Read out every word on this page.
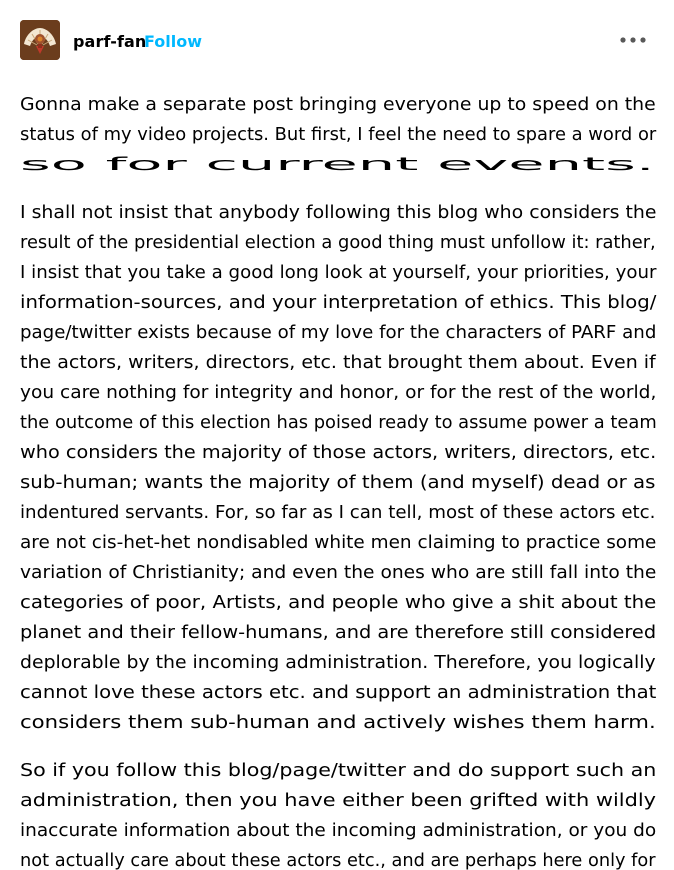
parf-fan
Follow

Gonna make a separate post bringing everyone up to speed on the status of my video projects. But first, I feel the need to spare a word or so for current events.

I shall not insist that anybody following this blog who considers the result of the presidential election a good thing must unfollow it: rather, I insist that you take a good long look at yourself, your priorities, your information-sources, and your interpretation of ethics. This blog/ page/twitter exists because of my love for the characters of PARF and the actors, writers, directors, etc. that brought them about. Even if you care nothing for integrity and honor, or for the rest of the world, the outcome of this election has poised ready to assume power a team who considers the majority of those actors, writers, directors, etc. sub-human; wants the majority of them (and myself) dead or as indentured servants. For, so far as I can tell, most of these actors etc. are not cis-het-het nondisabled white men claiming to practice some variation of Christianity; and even the ones who are still fall into the categories of poor, Artists, and people who give a shit about the planet and their fellow-humans, and are therefore still considered deplorable by the incoming administration. Therefore, you logically cannot love these actors etc. and support an administration that considers them sub-human and actively wishes them harm.

So if you follow this blog/page/twitter and do support such an administration, then you have either been grifted with wildly inaccurate information about the incoming administration, or you do not actually care about these actors etc., and are perhaps here only for
